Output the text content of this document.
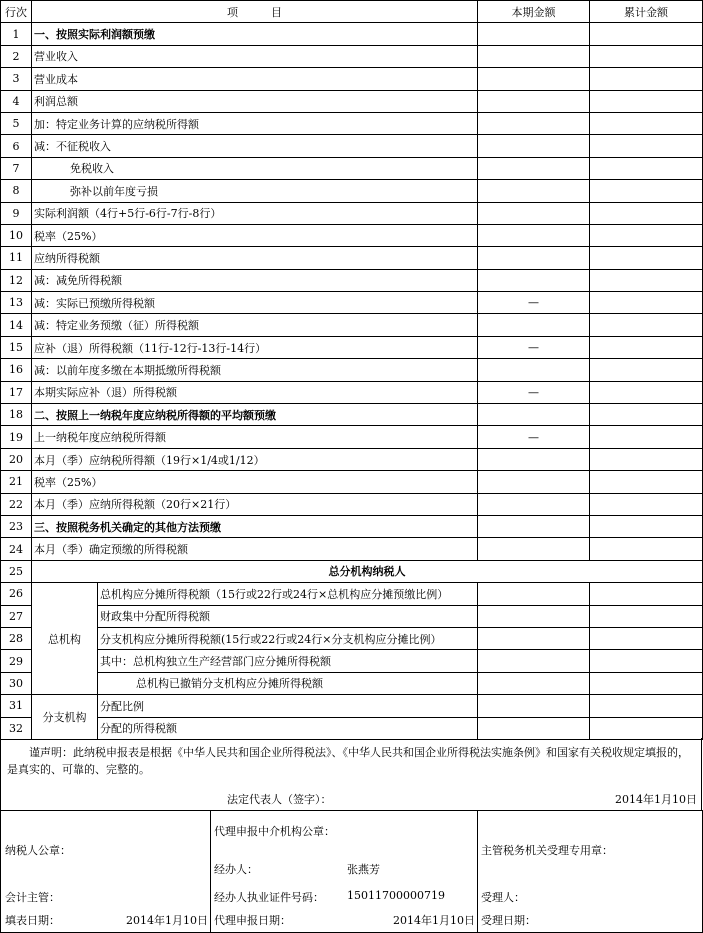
行次	项　　　目		本期金额	累计金额
1	一、按照实际利润额预缴			
2	营业收入			
3	营业成本			
4	利润总额			
5	加：特定业务计算的应纳税所得额			
6	减：不征税收入			
7	免税收入			
8	弥补以前年度亏损			
9	实际利润额（4行+5行-6行-7行-8行）			
10	税率（25%）			
11	应纳所得税额			
12	减：减免所得税额			
13	减：实际已预缴所得税额		—	
14	减：特定业务预缴（征）所得税额			
15	应补（退）所得税额（11行-12行-13行-14行）		—	
16	减：以前年度多缴在本期抵缴所得税额			
17	本期实际应补（退）所得税额		—	
18	二、按照上一纳税年度应纳税所得额的平均额预缴			
19	上一纳税年度应纳税所得额		—	
20	本月（季）应纳税所得额（19行×1/4或1/12）			
21	税率（25%）			
22	本月（季）应纳所得税额（20行×21行）			
23	三、按照税务机关确定的其他方法预缴			
24	本月（季）确定预缴的所得税额			
25	总分机构纳税人			
26	总机构	总机构应分摊所得税额（15行或22行或24行×总机构应分摊预缴比例）		
27		财政集中分配所得税额		
28		分支机构应分摊所得税额(15行或22行或24行×分支机构应分摊比例）		
29		其中：总机构独立生产经营部门应分摊所得税额		
30		总机构已撤销分支机构应分摊所得税额		
31	分支机构	分配比例		
32		分配的所得税额		
谨声明：此纳税申报表是根据《中华人民共和国企业所得税法》、《中华人民共和国企业所得税法实施条例》和国家有关税收规定填报的，是真实的、可靠的、完整的。
法定代表人（签字）：	2014年1月10日
纳税人公章：
会计主管：
填表日期：	2014年1月10日

代理申报中介机构公章：
经办人：	张燕芳
经办人执业证件号码： 15011700000719
代理申报日期：	2014年1月10日

主管税务机关受理专用章：
受理人：
受理日期：
